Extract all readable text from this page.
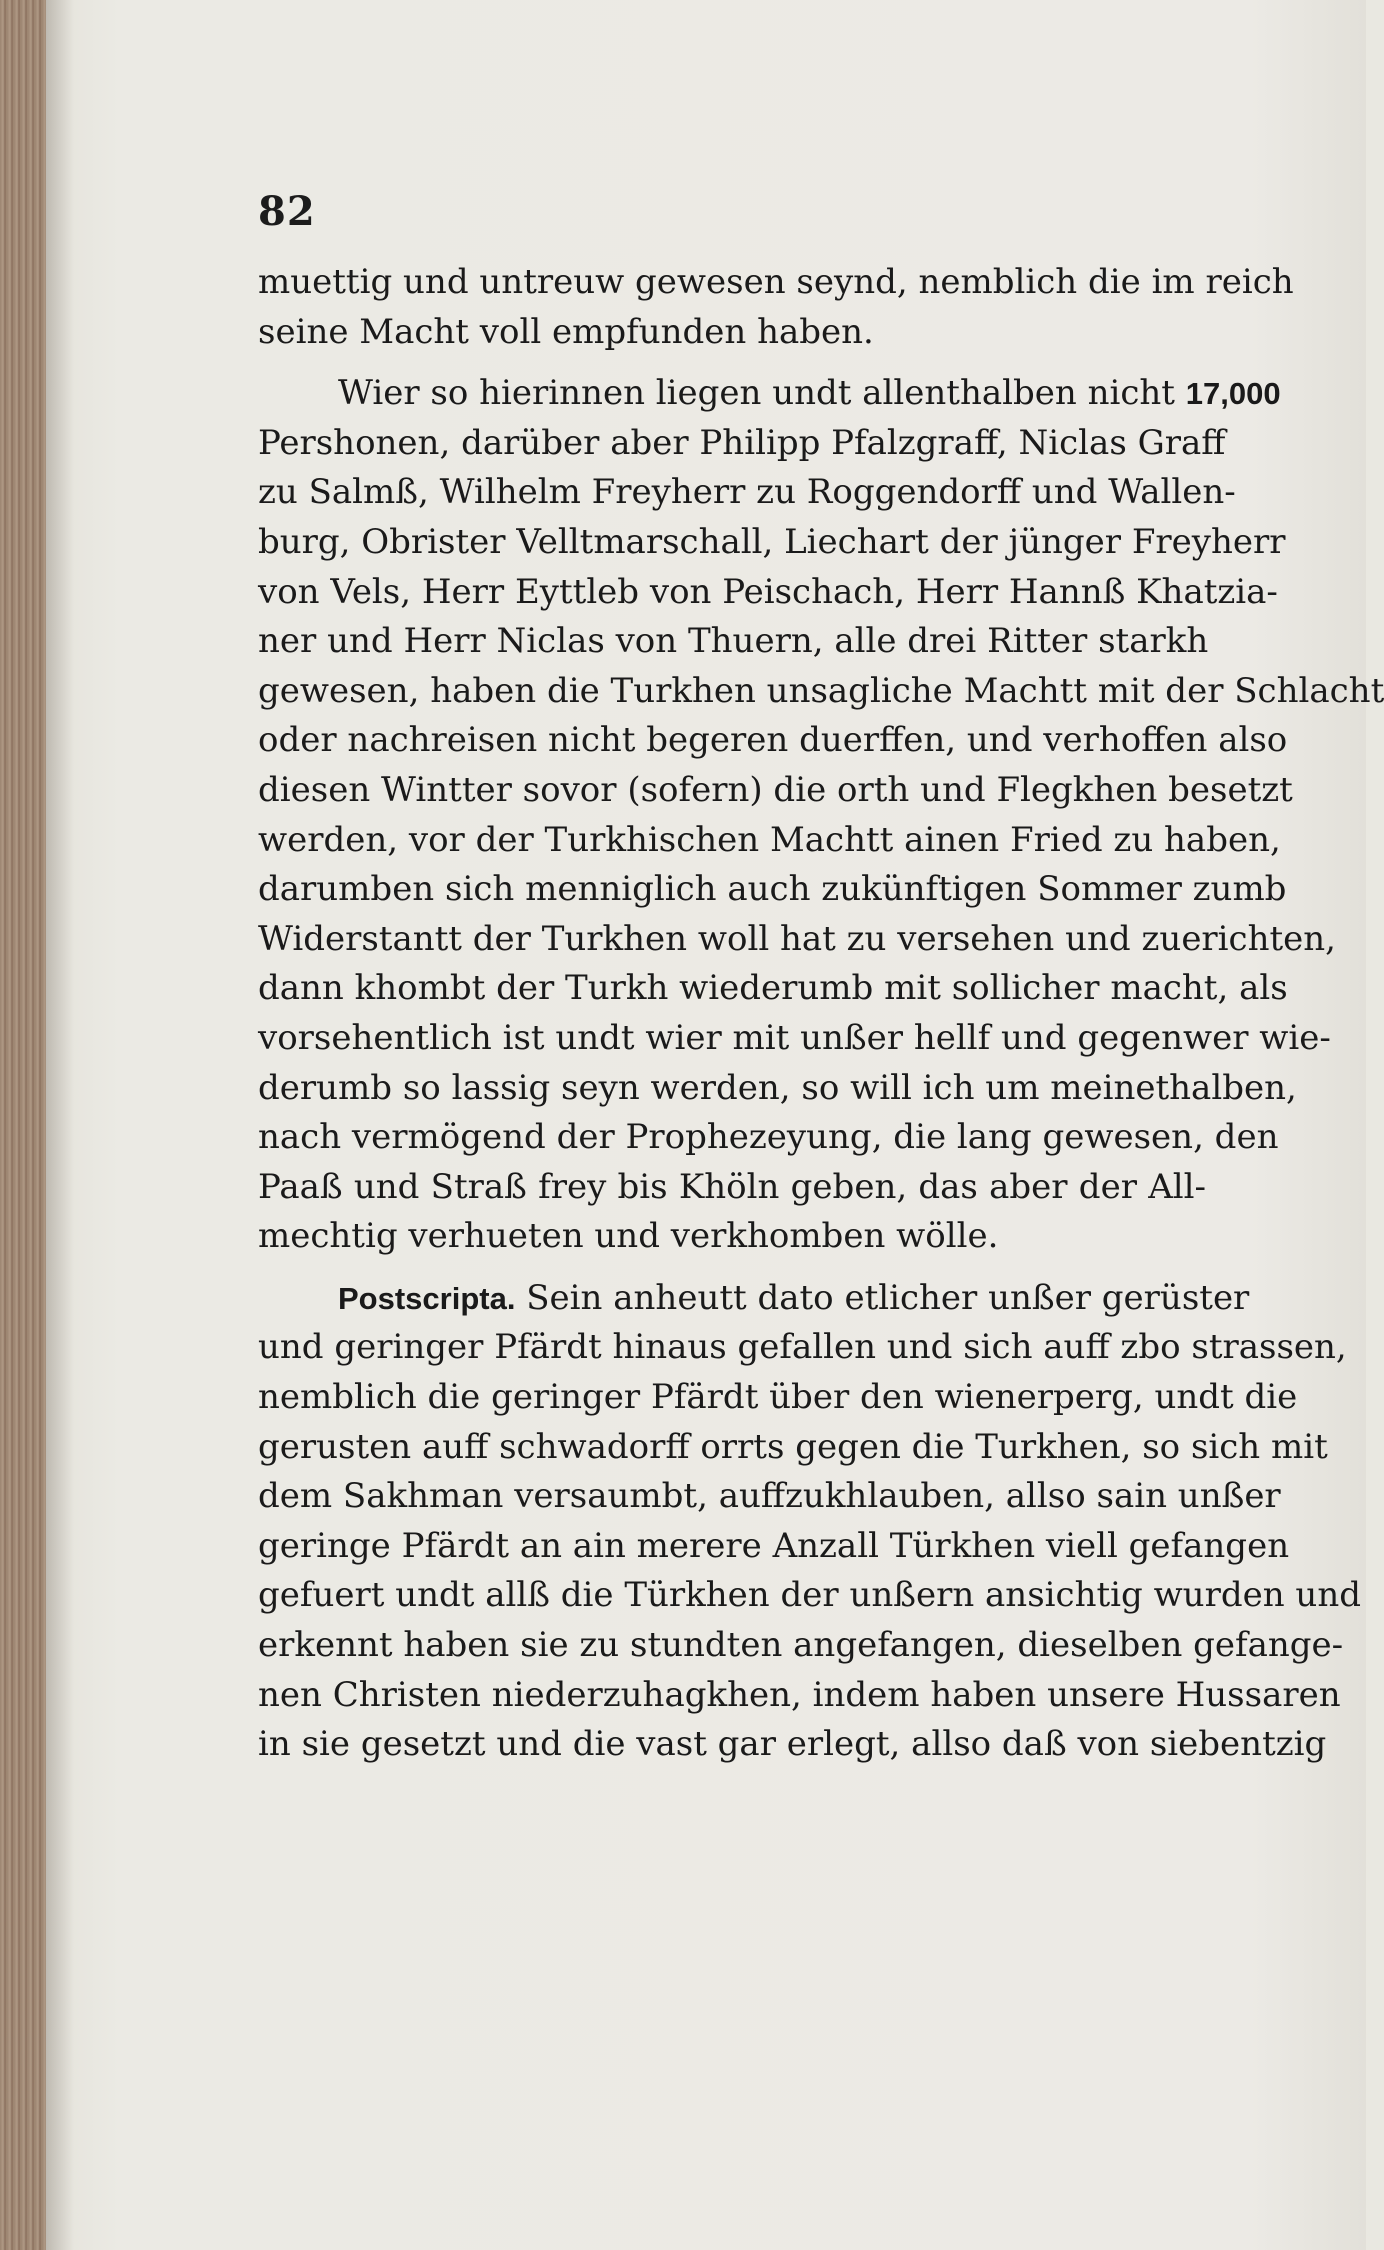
82
muettig und untreuw gewesen seynd, nemblich die im reich
seine Macht voll empfunden haben.
Wier so hierinnen liegen undt allenthalben nicht 17,000
Pershonen, darüber aber Philipp Pfalzgraff, Niclas Graff
zu Salmß, Wilhelm Freyherr zu Roggendorff und Wallen-
burg, Obrister Velltmarschall, Liechart der jünger Freyherr
von Vels, Herr Eyttleb von Peischach, Herr Hannß Khatzia-
ner und Herr Niclas von Thuern, alle drei Ritter starkh
gewesen, haben die Turkhen unsagliche Machtt mit der Schlacht
oder nachreisen nicht begeren duerffen, und verhoffen also
diesen Wintter sovor (sofern) die orth und Flegkhen besetzt
werden, vor der Turkhischen Machtt ainen Fried zu haben,
darumben sich menniglich auch zukünftigen Sommer zumb
Widerstantt der Turkhen woll hat zu versehen und zuerichten,
dann khombt der Turkh wiederumb mit sollicher macht, als
vorsehentlich ist undt wier mit unßer hellf und gegenwer wie-
derumb so lassig seyn werden, so will ich um meinethalben,
nach vermögend der Prophezeyung, die lang gewesen, den
Paaß und Straß frey bis Khöln geben, das aber der All-
mechtig verhueten und verkhomben wölle.
Postscripta. Sein anheutt dato etlicher unßer gerüster
und geringer Pfärdt hinaus gefallen und sich auff zbo strassen,
nemblich die geringer Pfärdt über den wienerperg, undt die
gerusten auff schwadorff orrts gegen die Turkhen, so sich mit
dem Sakhman versaumbt, auffzukhlauben, allso sain unßer
geringe Pfärdt an ain merere Anzall Türkhen viell gefangen
gefuert undt allß die Türkhen der unßern ansichtig wurden und
erkennt haben sie zu stundten angefangen, dieselben gefange-
nen Christen niederzuhagkhen, indem haben unsere Hussaren
in sie gesetzt und die vast gar erlegt, allso daß von siebentzig
